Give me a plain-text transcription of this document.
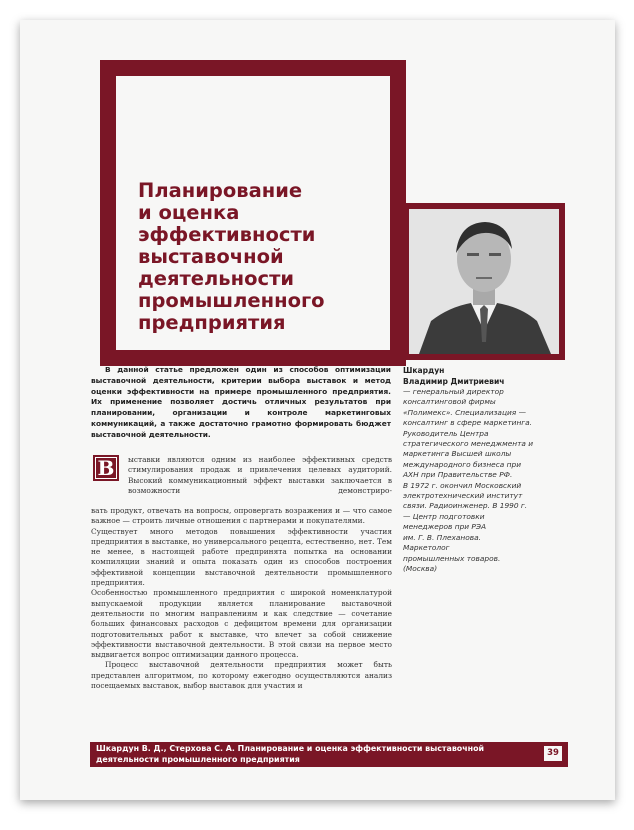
Планирование
и оценка
эффективности
выставочной
деятельности
промышленного
предприятия

В данной статье предложен один из способов оптимизации выставочной деятельности, критерии выбора выставок и метод оценки эффективности на примере промышленного предприятия. Их применение позволяет достичь отличных результатов при планировании, организации и контроле маркетинговых коммуникаций, а также достаточно грамотно формировать бюджет выставочной деятельности.

Шкардун
Владимир Дмитриевич

— генеральный директор
консалтинговой фирмы
«Полимекс». Специализация —
консалтинг в сфере маркетинга.
Руководитель Центра
стратегического менеджмента и
маркетинга Высшей школы
международного бизнеса при
АХН при Правительстве РФ.
В 1972 г. окончил Московский
электротехнический институт
связи. Радиоинженер. В 1990 г.
— Центр подготовки
менеджеров при РЭА
им. Г. В. Плеханова.
Маркетолог
промышленных товаров.
(Москва)

В	ыставки являются одним из наиболее эффективных средств стимулирования продаж и привлечения целевых аудиторий. Высокий коммуникационный эффект выставки заключается в возможности демонстриро-

вать продукт, отвечать на вопросы, опровергать возражения и — что самое важное — строить личные отношения с партнерами и покупателями.

Существует много методов повышения эффективности участия предприятия в выставке, но универсального рецепта, естественно, нет. Тем не менее, в настоящей работе предпринята попытка на основании компиляции знаний и опыта показать один из способов построения эффективной концепции выставочной деятельности промышленного предприятия.

Особенностью промышленного предприятия с широкой номенклатурой выпускаемой продукции является планирование выставочной деятельности по многим направлениям и как следствие — сочетание больших финансовых расходов с дефицитом времени для организации подготовительных работ к выставке, что влечет за собой снижение эффективности выставочной деятельности. В этой связи на первое место выдвигается вопрос оптимизации данного процесса.

Процесс выставочной деятельности предприятия может быть представлен алгоритмом, по которому ежегодно осуществляются анализ посещаемых выставок, выбор выставок для участия и

Шкардун В. Д., Стерхова С. А. Планирование и оценка эффективности выставочной деятельности промышленного предприятия

39
